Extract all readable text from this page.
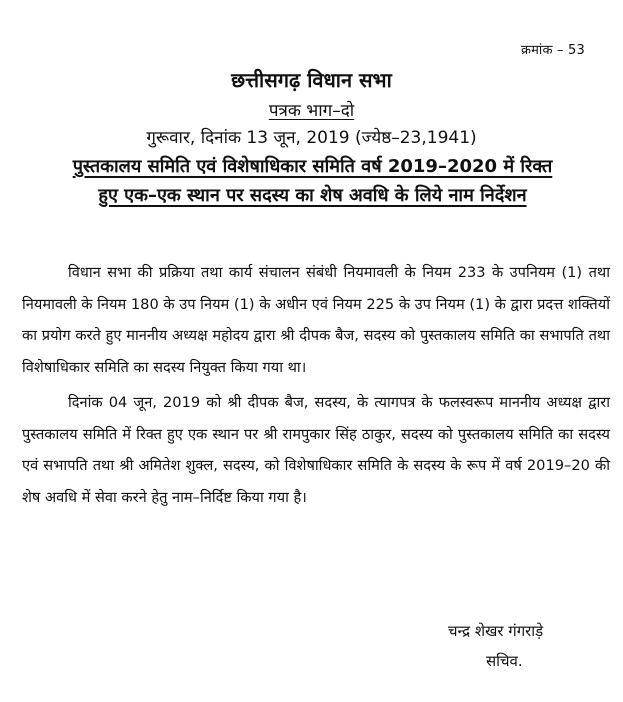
क्रमांक – 53
छत्तीसगढ़ विधान सभा
पत्रक भाग–दो
गुरूवार, दिनांक 13 जून, 2019 (ज्येष्ठ–23,1941)
पुस्तकालय समिति एवं विशेषाधिकार समिति वर्ष 2019–2020 में रिक्त
हुए एक–एक स्थान पर सदस्य का शेष अवधि के लिये नाम निर्देशन

विधान सभा की प्रक्रिया तथा कार्य संचालन संबंधी नियमावली के नियम 233 के उपनियम (1) तथा नियमावली के नियम 180 के उप नियम (1) के अधीन एवं नियम 225 के उप नियम (1) के द्वारा प्रदत्त शक्तियों का प्रयोग करते हुए माननीय अध्यक्ष महोदय द्वारा श्री दीपक बैज, सदस्य को पुस्तकालय समिति का सभापति तथा विशेषाधिकार समिति का सदस्य नियुक्त किया गया था।

दिनांक 04 जून, 2019 को श्री दीपक बैज, सदस्य, के त्यागपत्र के फलस्वरूप माननीय अध्यक्ष द्वारा पुस्तकालय समिति में रिक्त हुए एक स्थान पर श्री रामपुकार सिंह ठाकुर, सदस्य को पुस्तकालय समिति का सदस्य एवं सभापति तथा श्री अमितेश शुक्ल, सदस्य, को विशेषाधिकार समिति के सदस्य के रूप में वर्ष 2019–20 की शेष अवधि में सेवा करने हेतु नाम–निर्दिष्ट किया गया है।

चन्द्र शेखर गंगराड़े
सचिव.
